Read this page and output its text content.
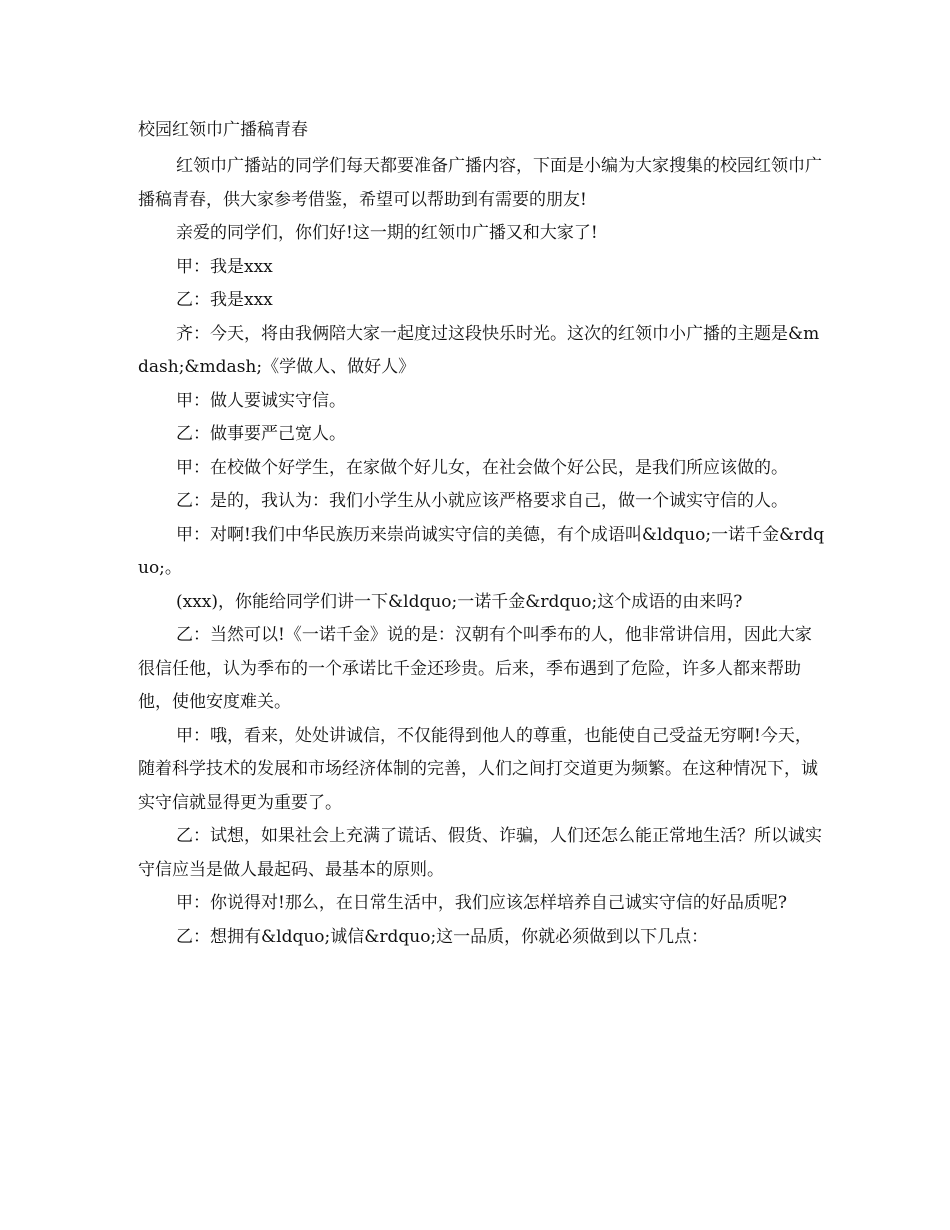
校园红领巾广播稿青春

红领巾广播站的同学们每天都要准备广播内容，下面是小编为大家搜集的校园红领巾广播稿青春，供大家参考借鉴，希望可以帮助到有需要的朋友!

亲爱的同学们，你们好!这一期的红领巾广播又和大家了!

甲：我是xxx

乙：我是xxx

齐：今天，将由我俩陪大家一起度过这段快乐时光。这次的红领巾小广播的主题是&mdash;&mdash;《学做人、做好人》

甲：做人要诚实守信。

乙：做事要严己宽人。

甲：在校做个好学生，在家做个好儿女，在社会做个好公民，是我们所应该做的。

乙：是的，我认为：我们小学生从小就应该严格要求自己，做一个诚实守信的人。

甲：对啊!我们中华民族历来崇尚诚实守信的美德，有个成语叫&ldquo;一诺千金&rdquo;。

(xxx)，你能给同学们讲一下&ldquo;一诺千金&rdquo;这个成语的由来吗?

乙：当然可以!《一诺千金》说的是：汉朝有个叫季布的人，他非常讲信用，因此大家很信任他，认为季布的一个承诺比千金还珍贵。后来，季布遇到了危险，许多人都来帮助他，使他安度难关。

甲：哦，看来，处处讲诚信，不仅能得到他人的尊重，也能使自己受益无穷啊!今天，随着科学技术的发展和市场经济体制的完善，人们之间打交道更为频繁。在这种情况下，诚实守信就显得更为重要了。

乙：试想，如果社会上充满了谎话、假货、诈骗，人们还怎么能正常地生活？所以诚实守信应当是做人最起码、最基本的原则。

甲：你说得对!那么，在日常生活中，我们应该怎样培养自己诚实守信的好品质呢?

乙：想拥有&ldquo;诚信&rdquo;这一品质，你就必须做到以下几点：
